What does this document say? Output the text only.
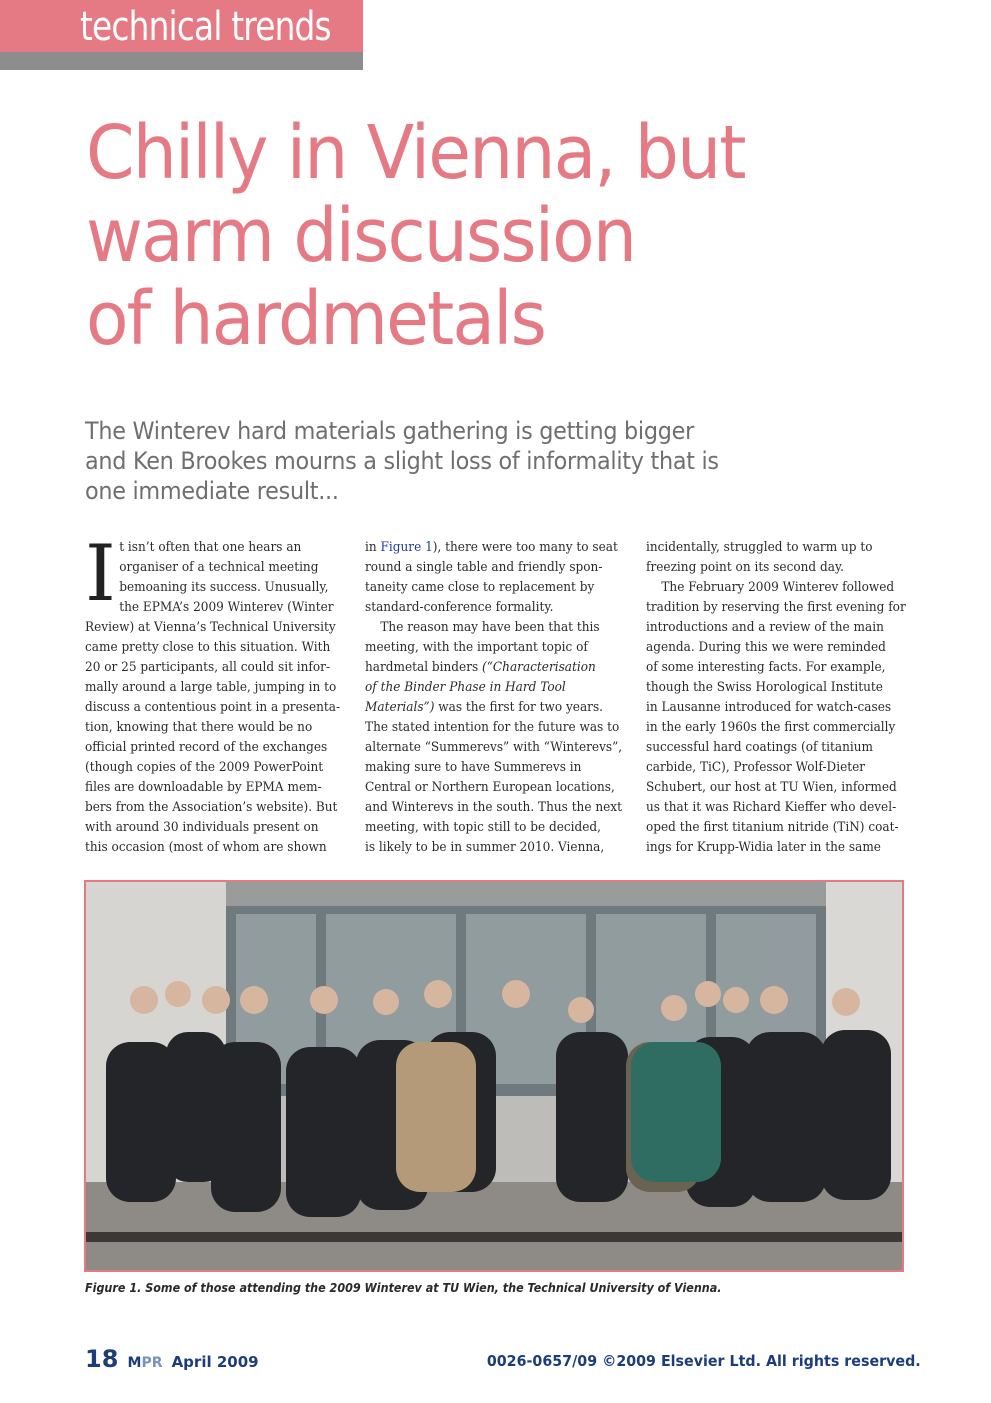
technical trends
Chilly in Vienna, but
warm discussion
of hardmetals
The Winterev hard materials gathering is getting bigger
and Ken Brookes mourns a slight loss of informality that is
one immediate result...
I t isn’t often that one hears an
organiser of a technical meeting
bemoaning its success. Unusually,
the EPMA’s 2009 Winterev (Winter
Review) at Vienna’s Technical University
came pretty close to this situation. With
20 or 25 participants, all could sit infor-
mally around a large table, jumping in to
discuss a contentious point in a presenta-
tion, knowing that there would be no
official printed record of the exchanges
(though copies of the 2009 PowerPoint
files are downloadable by EPMA mem-
bers from the Association’s website). But
with around 30 individuals present on
this occasion (most of whom are shown

in Figure 1), there were too many to seat
round a single table and friendly spon-
taneity came close to replacement by
standard-conference formality.
The reason may have been that this
meeting, with the important topic of
hardmetal binders (“Characterisation
of the Binder Phase in Hard Tool
Materials”) was the first for two years.
The stated intention for the future was to
alternate “Summerevs” with “Winterevs”,
making sure to have Summerevs in
Central or Northern European locations,
and Winterevs in the south. Thus the next
meeting, with topic still to be decided,
is likely to be in summer 2010. Vienna,

incidentally, struggled to warm up to
freezing point on its second day.
The February 2009 Winterev followed
tradition by reserving the first evening for
introductions and a review of the main
agenda. During this we were reminded
of some interesting facts. For example,
though the Swiss Horological Institute
in Lausanne introduced for watch-cases
in the early 1960s the first commercially
successful hard coatings (of titanium
carbide, TiC), Professor Wolf-Dieter
Schubert, our host at TU Wien, informed
us that it was Richard Kieffer who devel-
oped the first titanium nitride (TiN) coat-
ings for Krupp-Widia later in the same

Figure 1. Some of those attending the 2009 Winterev at TU Wien, the Technical University of Vienna.
18 MPR April 2009	0026-0657/09 ©2009 Elsevier Ltd. All rights reserved.
